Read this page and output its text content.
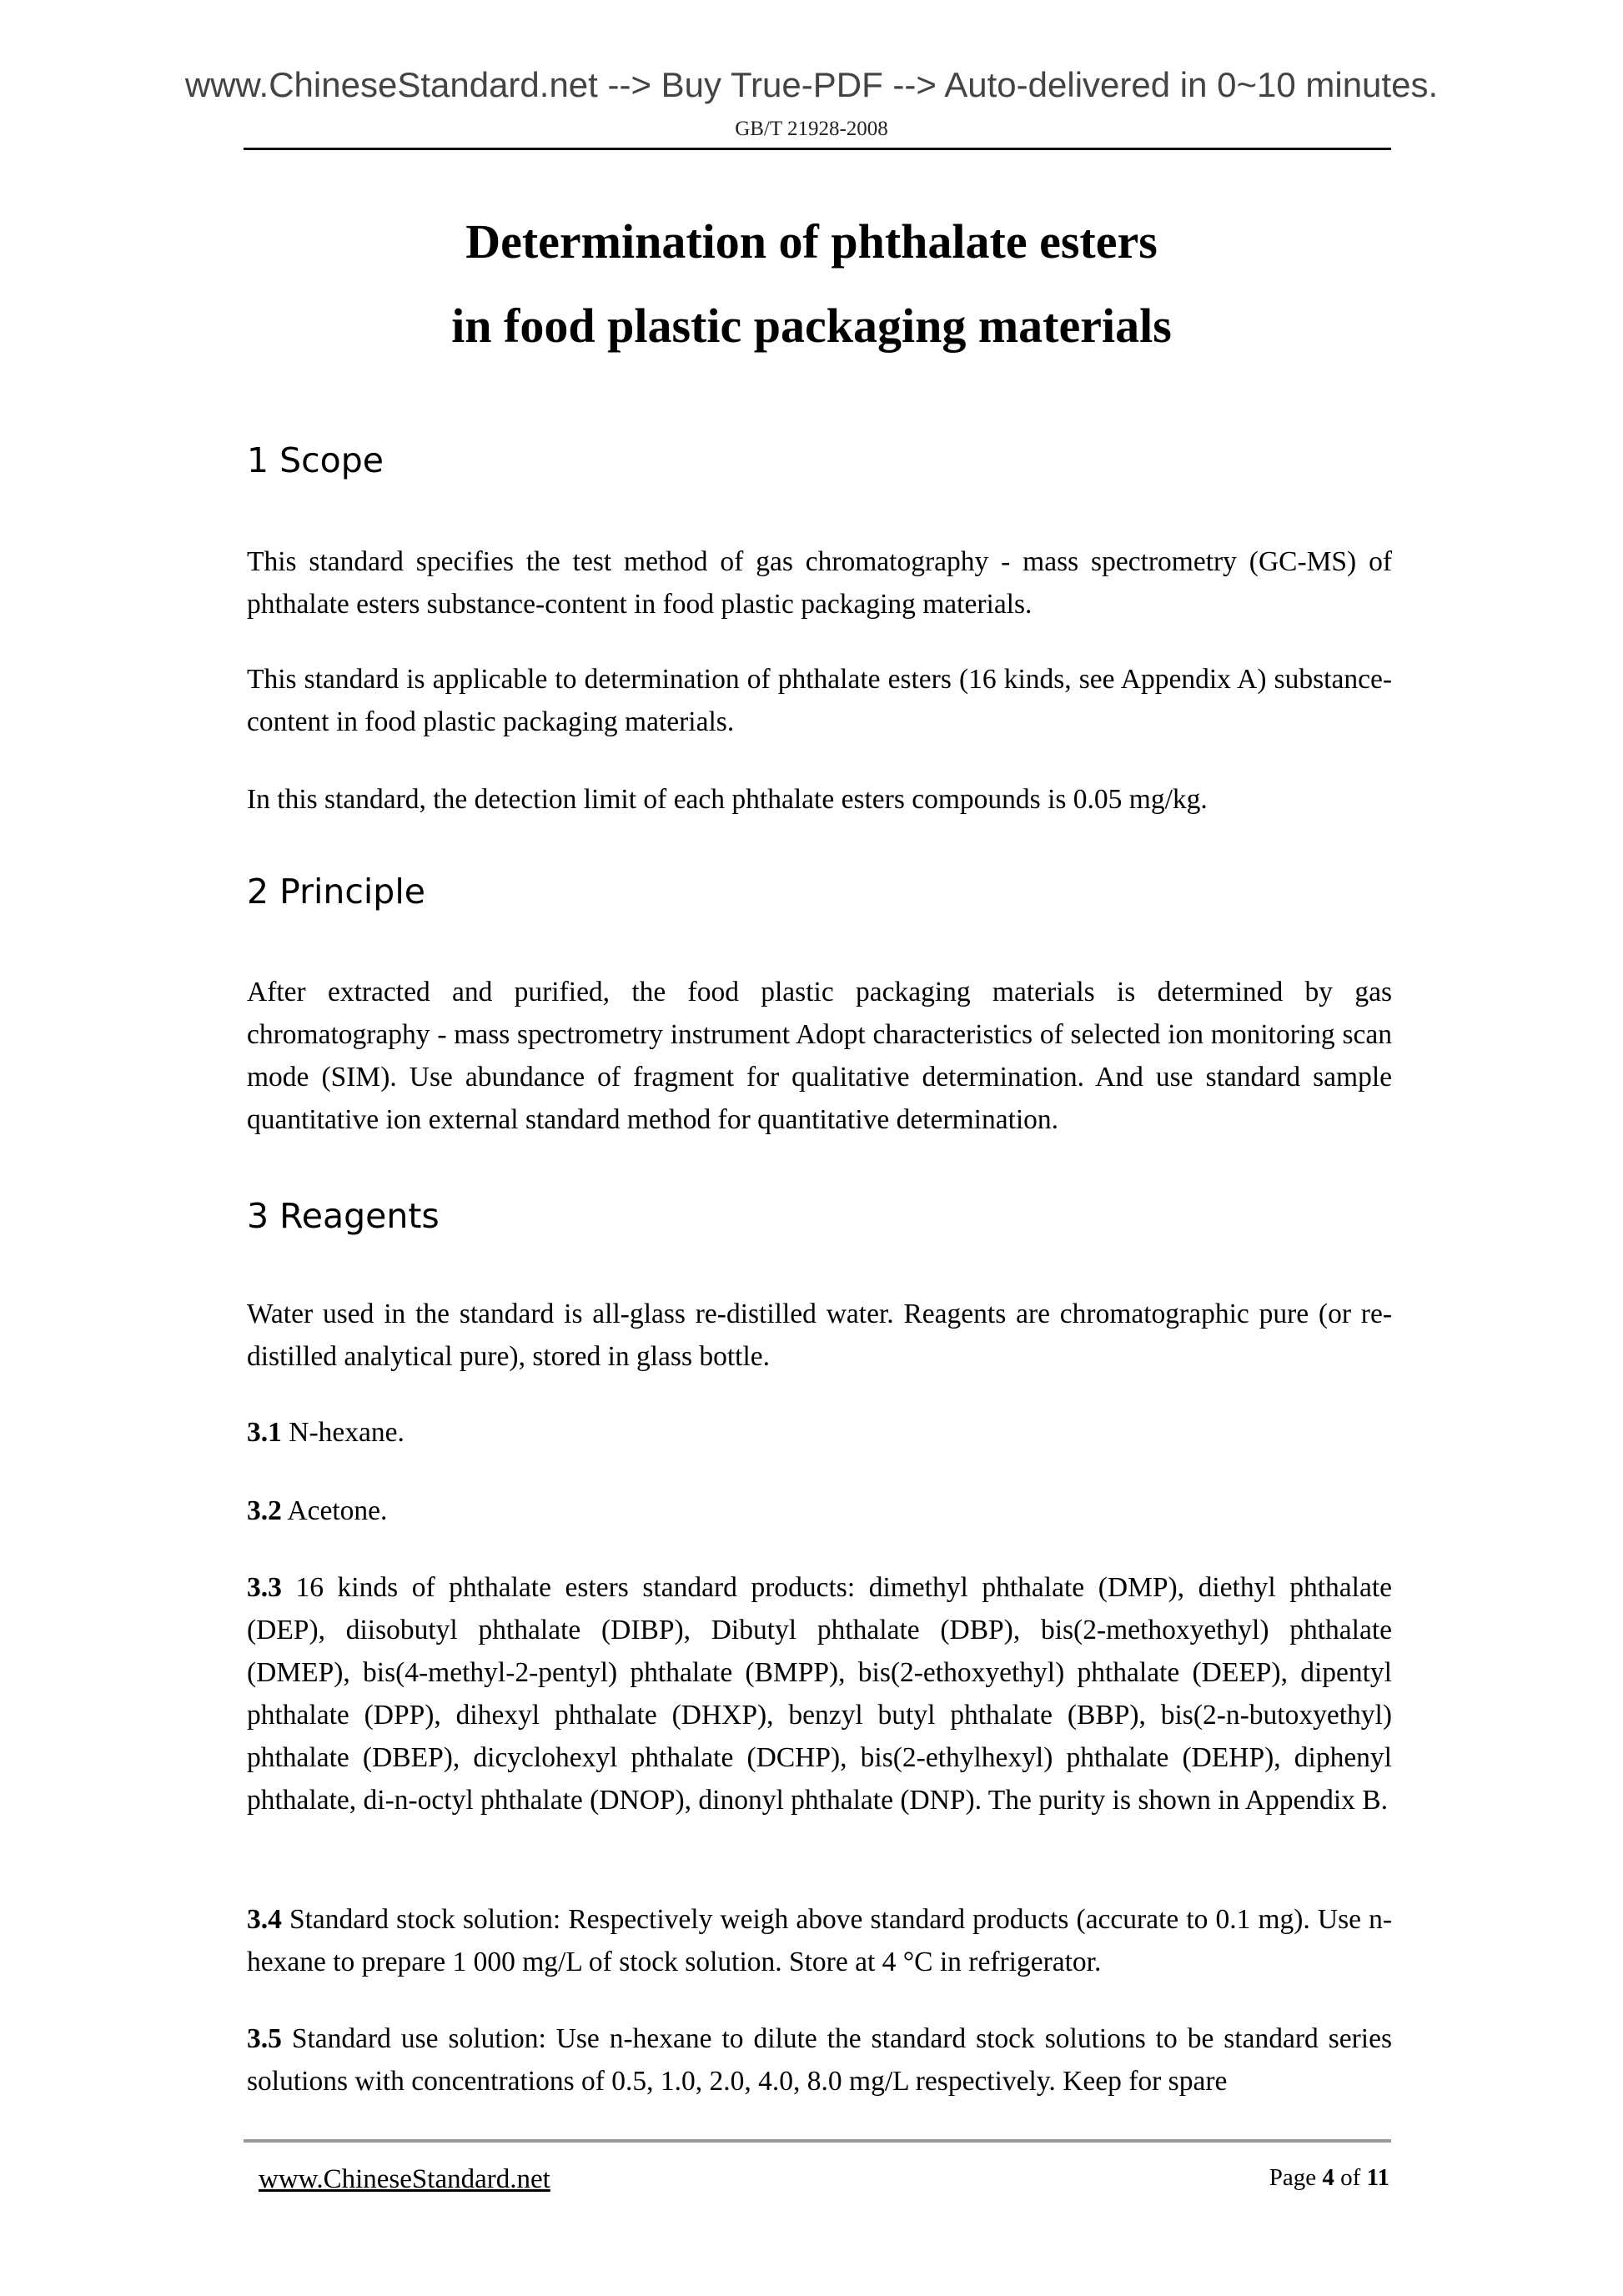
www.ChineseStandard.net --> Buy True-PDF --> Auto-delivered in 0~10 minutes.
GB/T 21928-2008
Determination of phthalate esters
in food plastic packaging materials
1 Scope

This standard specifies the test method of gas chromatography - mass spectrometry (GC-MS) of phthalate esters substance-content in food plastic packaging materials.

This standard is applicable to determination of phthalate esters (16 kinds, see Appendix A) substance-content in food plastic packaging materials.

In this standard, the detection limit of each phthalate esters compounds is 0.05 mg/kg.

2 Principle

After extracted and purified, the food plastic packaging materials is determined by gas chromatography - mass spectrometry instrument Adopt characteristics of selected ion monitoring scan mode (SIM). Use abundance of fragment for qualitative determination. And use standard sample quantitative ion external standard method for quantitative determination.

3 Reagents

Water used in the standard is all-glass re-distilled water. Reagents are chromatographic pure (or re-distilled analytical pure), stored in glass bottle.

3.1 N-hexane.

3.2 Acetone.

3.3 16 kinds of phthalate esters standard products: dimethyl phthalate (DMP), diethyl phthalate (DEP), diisobutyl phthalate (DIBP), Dibutyl phthalate (DBP), bis(2-methoxyethyl) phthalate (DMEP), bis(4-methyl-2-pentyl) phthalate (BMPP), bis(2-ethoxyethyl) phthalate (DEEP), dipentyl phthalate (DPP), dihexyl phthalate (DHXP), benzyl butyl phthalate (BBP), bis(2-n-butoxyethyl) phthalate (DBEP), dicyclohexyl phthalate (DCHP), bis(2-ethylhexyl) phthalate (DEHP), diphenyl phthalate, di-n-octyl phthalate (DNOP), dinonyl phthalate (DNP). The purity is shown in Appendix B.

3.4 Standard stock solution: Respectively weigh above standard products (accurate to 0.1 mg). Use n-hexane to prepare 1 000 mg/L of stock solution. Store at 4 °C in refrigerator.

3.5 Standard use solution: Use n-hexane to dilute the standard stock solutions to be standard series solutions with concentrations of 0.5, 1.0, 2.0, 4.0, 8.0 mg/L respectively. Keep for spare

www.ChineseStandard.net	Page 4 of 11
